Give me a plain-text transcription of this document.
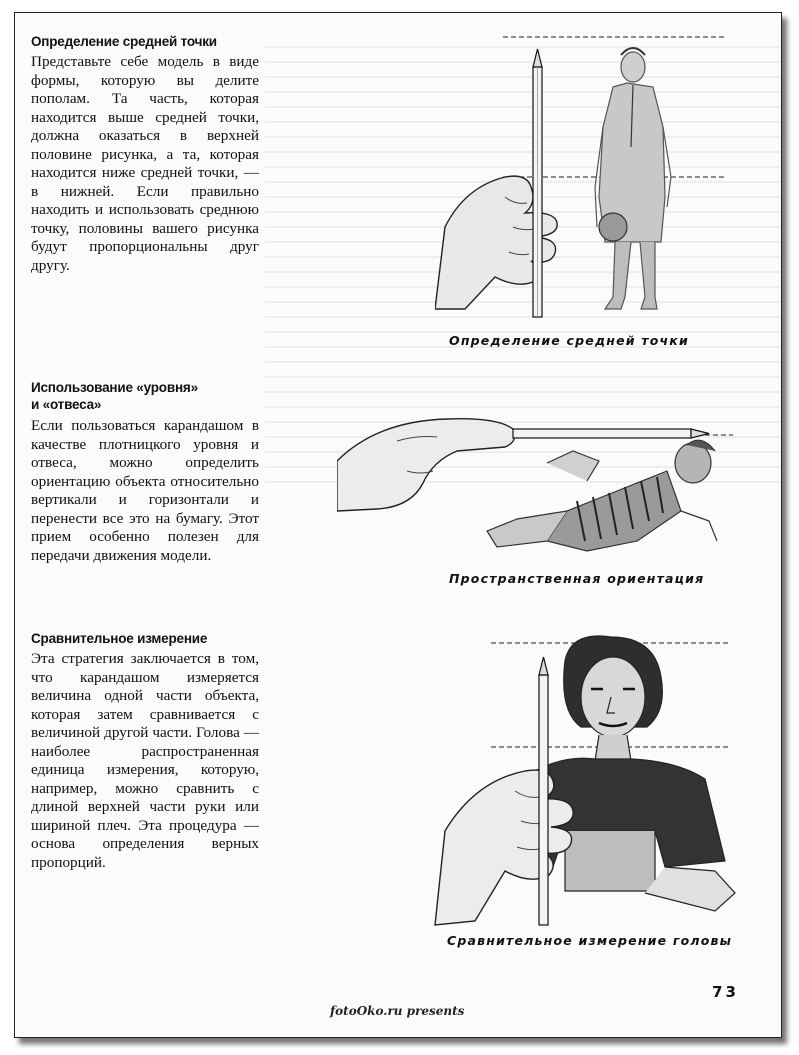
Определение средней точки
Представьте себе модель в виде формы, которую вы делите пополам. Та часть, которая находится выше средней точки, должна оказаться в верхней половине рисунка, а та, которая находится ниже средней точки, — в нижней. Если правильно находить и использовать среднюю точку, половины вашего рисунка будут пропорциональны друг другу.
Использование «уровня»
и «отвеса»
Если пользоваться карандашом в качестве плотницкого уровня и отвеса, можно определить ориентацию объекта относительно вертикали и горизонтали и перенести все это на бумагу. Этот прием особенно полезен для передачи движения модели.
Сравнительное измерение
Эта стратегия заключается в том, что карандашом измеряется величина одной части объекта, которая затем сравнивается с величиной другой части. Голова — наиболее распространенная единица измерения, которую, например, можно сравнить с длиной верхней части руки или шириной плеч. Эта процедура — основа определения верных пропорций.
Определение средней точки
Пространственная ориентация
Сравнительное измерение головы
73
fotoOko.ru presents
